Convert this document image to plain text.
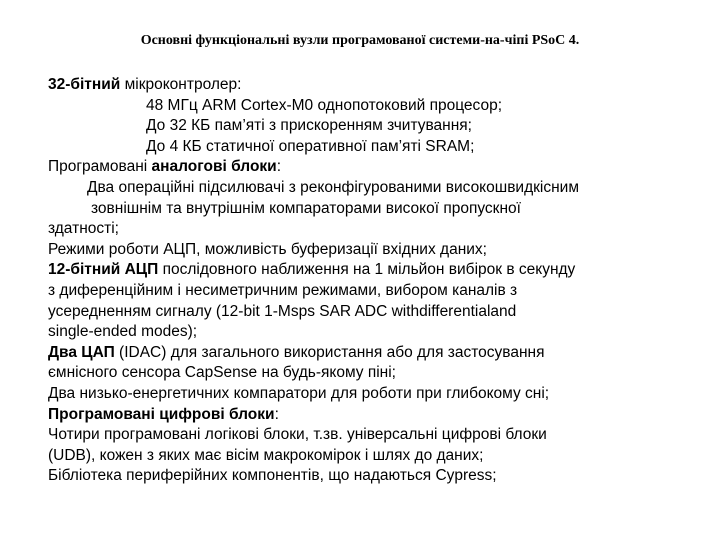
Основні функціональні вузли програмованої системи-на-чіпі PSoC 4.

32-бітний мікроконтролер:

48 МГц ARM Cortex-M0 однопотоковий процесор;

До 32 КБ пам’яті з прискоренням зчитування;

До 4 КБ статичної оперативної пам’яті SRAM;

Програмовані аналогові блоки:

Два операційні підсилювачі з реконфігурованими високошвидкісним

зовнішнім та внутрішнім компараторами високої пропускної

здатності;

Режими роботи АЦП, можливість буферизації вхідних даних;

12-бітний АЦП послідовного наближення на 1 мільйон вибірок в секунду

з диференційним і несиметричним режимами, вибором каналів з

усередненням сигналу (12-bit 1-Msps SAR ADC withdifferentialand

single-ended modes);

Два ЦАП (IDAC) для загального використання або для застосування

ємнісного сенсора CapSense на будь-якому піні;

Два низько-енергетичних компаратори для роботи при глибокому сні;

Програмовані цифрові блоки:

Чотири програмовані логікові блоки, т.зв. універсальні цифрові блоки

(UDB), кожен з яких має вісім макрокомірок і шлях до даних;

Бібліотека периферійних компонентів, що надаються Cypress;
